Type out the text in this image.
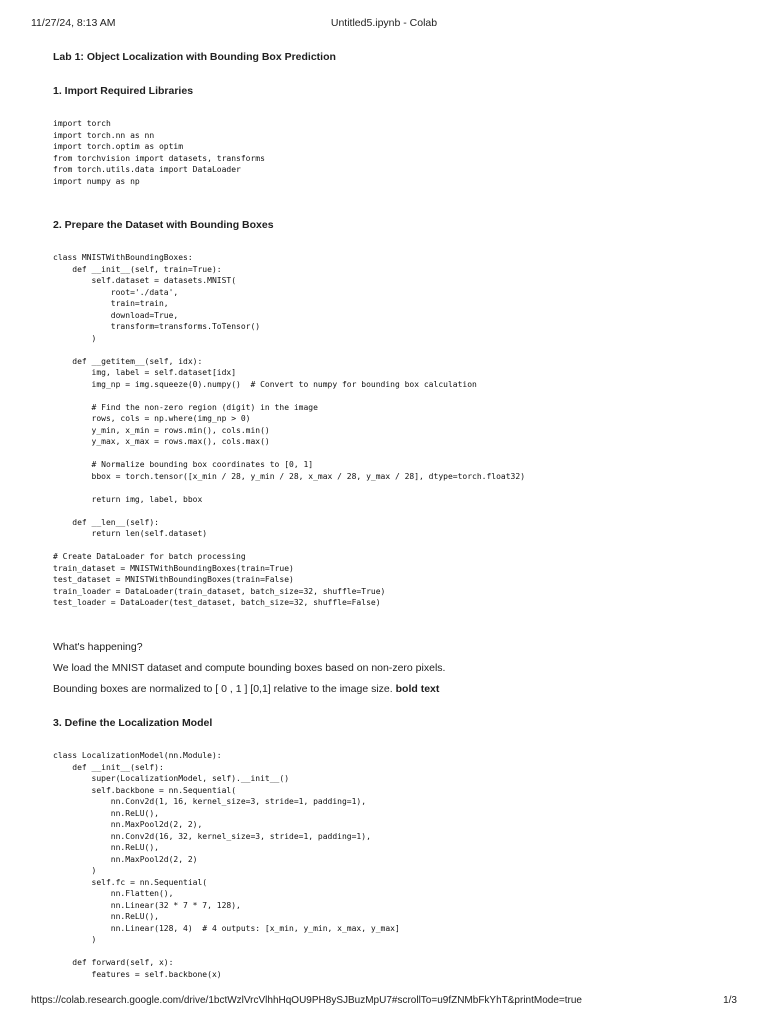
11/27/24, 8:13 AM	Untitled5.ipynb - Colab
Lab 1: Object Localization with Bounding Box Prediction
1. Import Required Libraries
import torch
import torch.nn as nn
import torch.optim as optim
from torchvision import datasets, transforms
from torch.utils.data import DataLoader
import numpy as np
2. Prepare the Dataset with Bounding Boxes
class MNISTWithBoundingBoxes:
def __init__(self, train=True):
self.dataset = datasets.MNIST(
root='./data',
train=train,
download=True,
transform=transforms.ToTensor()
)

def __getitem__(self, idx):
img, label = self.dataset[idx]
img_np = img.squeeze(0).numpy()  # Convert to numpy for bounding box calculation

# Find the non-zero region (digit) in the image
rows, cols = np.where(img_np > 0)
y_min, x_min = rows.min(), cols.min()
y_max, x_max = rows.max(), cols.max()

# Normalize bounding box coordinates to [0, 1]
bbox = torch.tensor([x_min / 28, y_min / 28, x_max / 28, y_max / 28], dtype=torch.float32)

return img, label, bbox

def __len__(self):
return len(self.dataset)

# Create DataLoader for batch processing
train_dataset = MNISTWithBoundingBoxes(train=True)
test_dataset = MNISTWithBoundingBoxes(train=False)
train_loader = DataLoader(train_dataset, batch_size=32, shuffle=True)
test_loader = DataLoader(test_dataset, batch_size=32, shuffle=False)
What's happening?
We load the MNIST dataset and compute bounding boxes based on non-zero pixels.
Bounding boxes are normalized to [ 0 , 1 ] [0,1] relative to the image size. bold text
3. Define the Localization Model
class LocalizationModel(nn.Module):
def __init__(self):
super(LocalizationModel, self).__init__()
self.backbone = nn.Sequential(
nn.Conv2d(1, 16, kernel_size=3, stride=1, padding=1),
nn.ReLU(),
nn.MaxPool2d(2, 2),
nn.Conv2d(16, 32, kernel_size=3, stride=1, padding=1),
nn.ReLU(),
nn.MaxPool2d(2, 2)
)
self.fc = nn.Sequential(
nn.Flatten(),
nn.Linear(32 * 7 * 7, 128),
nn.ReLU(),
nn.Linear(128, 4)  # 4 outputs: [x_min, y_min, x_max, y_max]
)

def forward(self, x):
features = self.backbone(x)
https://colab.research.google.com/drive/1bctWzlVrcVlhhHqOU9PH8ySJBuzMpU7#scrollTo=u9fZNMbFkYhT&printMode=true	1/3
